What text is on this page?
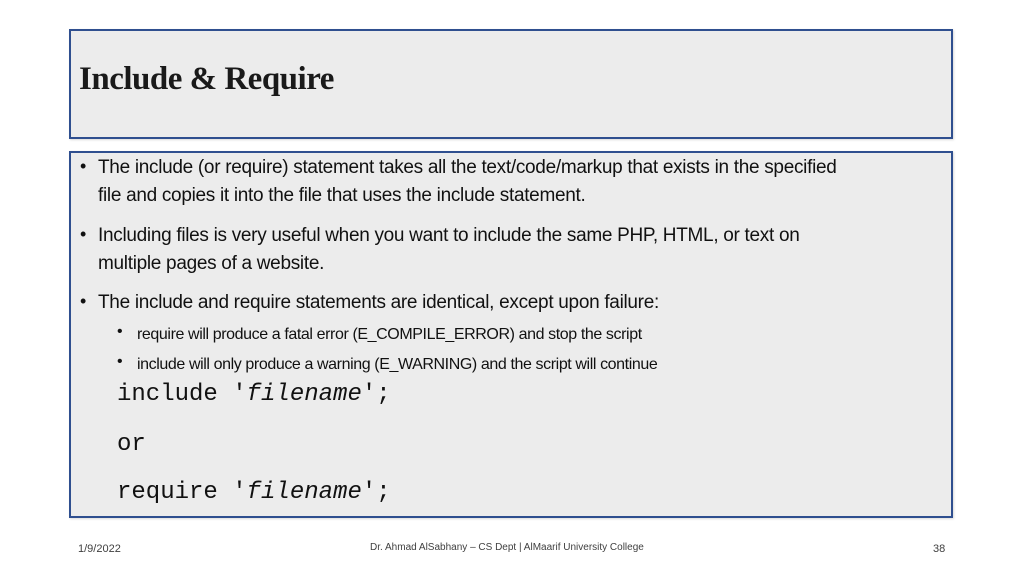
Include & Require
• The include (or require) statement takes all the text/code/markup that exists in the specified
file and copies it into the file that uses the include statement.
• Including files is very useful when you want to include the same PHP, HTML, or text on
multiple pages of a website.
• The include and require statements are identical, except upon failure:
• require will produce a fatal error (E_COMPILE_ERROR) and stop the script
• include will only produce a warning (E_WARNING) and the script will continue
include 'filename';
or
require 'filename';
1/9/2022	Dr. Ahmad AlSabhany – CS Dept | AlMaarif University College	38
